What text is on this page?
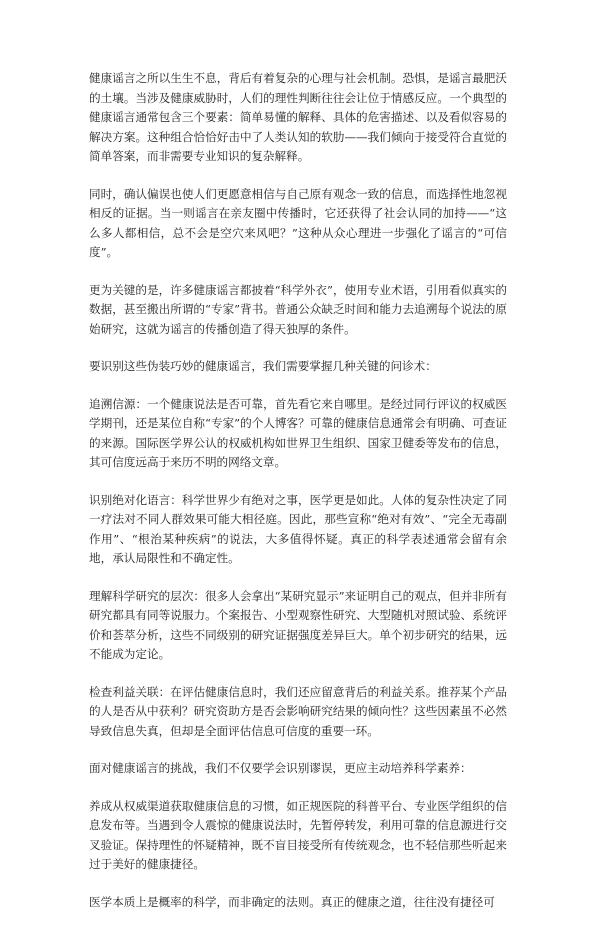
健康谣言之所以生生不息，背后有着复杂的心理与社会机制。恐惧，是谣言最肥沃的土壤。当涉及健康威胁时，人们的理性判断往往会让位于情感反应。一个典型的健康谣言通常包含三个要素：简单易懂的解释、具体的危害描述、以及看似容易的解决方案。这种组合恰恰好击中了人类认知的软肋——我们倾向于接受符合直觉的简单答案，而非需要专业知识的复杂解释。

同时，确认偏误也使人们更愿意相信与自己原有观念一致的信息，而选择性地忽视相反的证据。当一则谣言在亲友圈中传播时，它还获得了社会认同的加持——“这么多人都相信，总不会是空穴来风吧？”这种从众心理进一步强化了谣言的“可信度”。

更为关键的是，许多健康谣言都披着“科学外衣”，使用专业术语，引用看似真实的数据，甚至搬出所谓的“专家”背书。普通公众缺乏时间和能力去追溯每个说法的原始研究，这就为谣言的传播创造了得天独厚的条件。

要识别这些伪装巧妙的健康谣言，我们需要掌握几种关键的问诊术：

追溯信源：一个健康说法是否可靠，首先看它来自哪里。是经过同行评议的权威医学期刊，还是某位自称“专家”的个人博客？可靠的健康信息通常会有明确、可查证的来源。国际医学界公认的权威机构如世界卫生组织、国家卫健委等发布的信息，其可信度远高于来历不明的网络文章。

识别绝对化语言：科学世界少有绝对之事，医学更是如此。人体的复杂性决定了同一疗法对不同人群效果可能大相径庭。因此，那些宣称“绝对有效”、“完全无毒副作用”、“根治某种疾病”的说法，大多值得怀疑。真正的科学表述通常会留有余地，承认局限性和不确定性。

理解科学研究的层次：很多人会拿出“某研究显示”来证明自己的观点，但并非所有研究都具有同等说服力。个案报告、小型观察性研究、大型随机对照试验、系统评价和荟萃分析，这些不同级别的研究证据强度差异巨大。单个初步研究的结果，远不能成为定论。

检查利益关联：在评估健康信息时，我们还应留意背后的利益关系。推荐某个产品的人是否从中获利？研究资助方是否会影响研究结果的倾向性？这些因素虽不必然导致信息失真，但却是全面评估信息可信度的重要一环。

面对健康谣言的挑战，我们不仅要学会识别谬误，更应主动培养科学素养：

养成从权威渠道获取健康信息的习惯，如正规医院的科普平台、专业医学组织的信息发布等。当遇到令人震惊的健康说法时，先暂停转发，利用可靠的信息源进行交叉验证。保持理性的怀疑精神，既不盲目接受所有传统观念，也不轻信那些听起来过于美好的健康捷径。

医学本质上是概率的科学，而非确定的法则。真正的健康之道，往往没有捷径可
